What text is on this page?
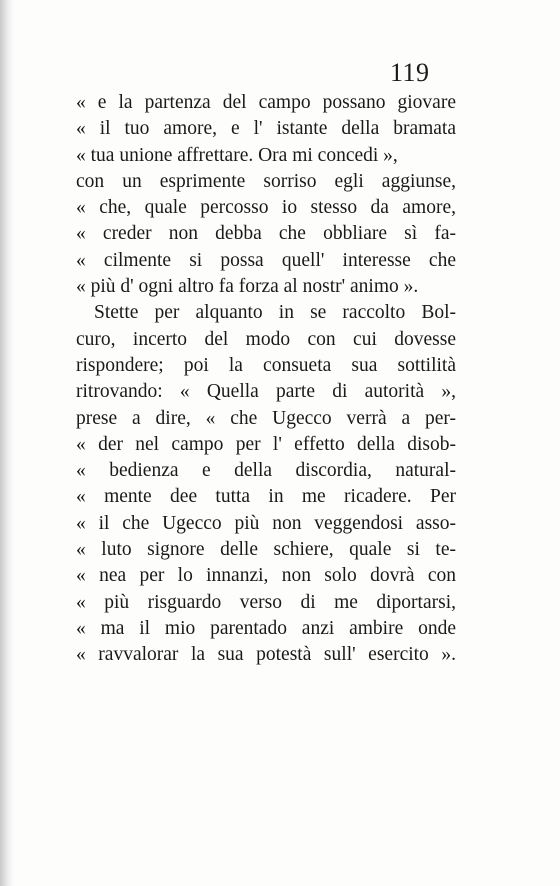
119
« e la partenza del campo possano giovare
« il tuo amore, e l' istante della bramata
« tua unione affrettare. Ora mi concedi »,
con un esprimente sorriso egli aggiunse,
« che, quale percosso io stesso da amore,
« creder non debba che obbliare sì fa-
« cilmente si possa quell' interesse che
« più d' ogni altro fa forza al nostr' animo ».
Stette per alquanto in se raccolto Bol-
curo, incerto del modo con cui dovesse
rispondere; poi la consueta sua sottilità
ritrovando: « Quella parte di autorità »,
prese a dire, « che Ugecco verrà a per-
« der nel campo per l' effetto della disob-
« bedienza e della discordia, natural-
« mente dee tutta in me ricadere. Per
« il che Ugecco più non veggendosi asso-
« luto signore delle schiere, quale si te-
« nea per lo innanzi, non solo dovrà con
« più risguardo verso di me diportarsi,
« ma il mio parentado anzi ambire onde
« ravvalorar la sua potestà sull' esercito ».
